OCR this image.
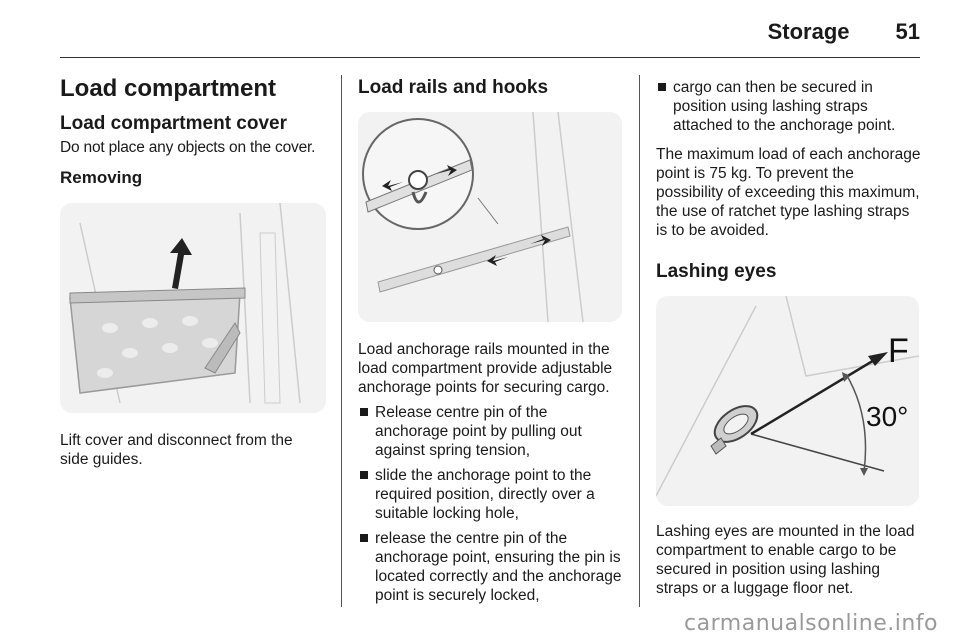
Storage 51
Load compartment
Load compartment cover

Do not place any objects on the cover.

Removing

Lift cover and disconnect from the side guides.

Load rails and hooks

Load anchorage rails mounted in the load compartment provide adjustable anchorage points for securing cargo.

Release centre pin of the anchorage point by pulling out against spring tension,
slide the anchorage point to the required position, directly over a suitable locking hole,
release the centre pin of the anchorage point, ensuring the pin is located correctly and the anchorage point is securely locked,
cargo can then be secured in position using lashing straps attached to the anchorage point.

The maximum load of each anchorage point is 75 kg. To prevent the possibility of exceeding this maximum, the use of ratchet type lashing straps is to be avoided.

Lashing eyes
F
30°

Lashing eyes are mounted in the load compartment to enable cargo to be secured in position using lashing straps or a luggage floor net.

carmanualsonline.info
